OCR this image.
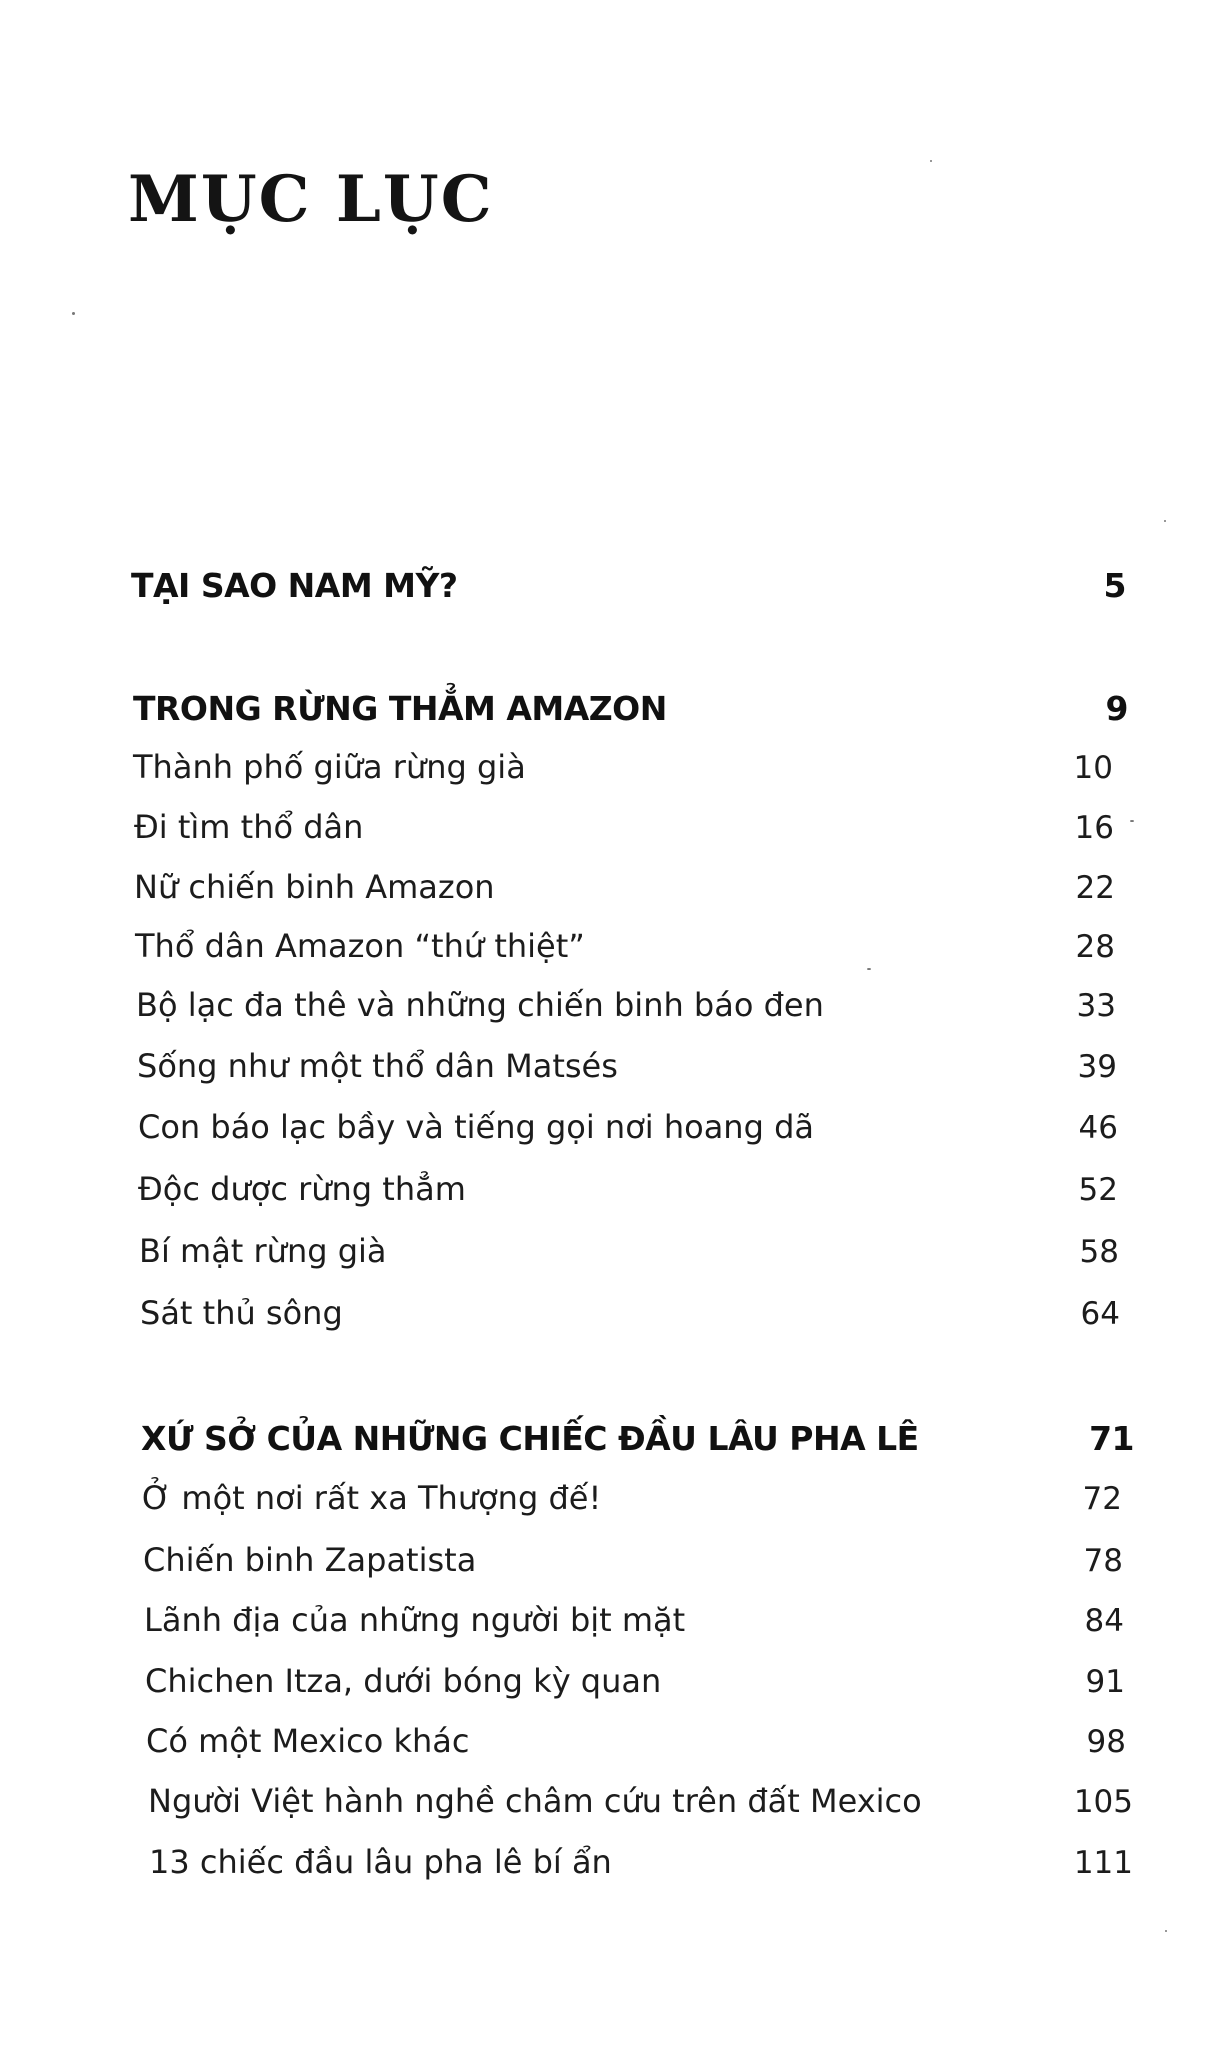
MỤC LỤC
TẠI SAO NAM MỸ?	5
TRONG RỪNG THẲM AMAZON	9
Thành phố giữa rừng già	10
Đi tìm thổ dân	16
Nữ chiến binh Amazon	22
Thổ dân Amazon “thứ thiệt”	28
Bộ lạc đa thê và những chiến binh báo đen	33
Sống như một thổ dân Matsés	39
Con báo lạc bầy và tiếng gọi nơi hoang dã	46
Độc dược rừng thẳm	52
Bí mật rừng già	58
Sát thủ sông	64
XỨ SỞ CỦA NHỮNG CHIẾC ĐẦU LÂU PHA LÊ	71
Ở một nơi rất xa Thượng đế!	72
Chiến binh Zapatista	78
Lãnh địa của những người bịt mặt	84
Chichen Itza, dưới bóng kỳ quan	91
Có một Mexico khác	98
Người Việt hành nghề châm cứu trên đất Mexico	105
13 chiếc đầu lâu pha lê bí ẩn	111
